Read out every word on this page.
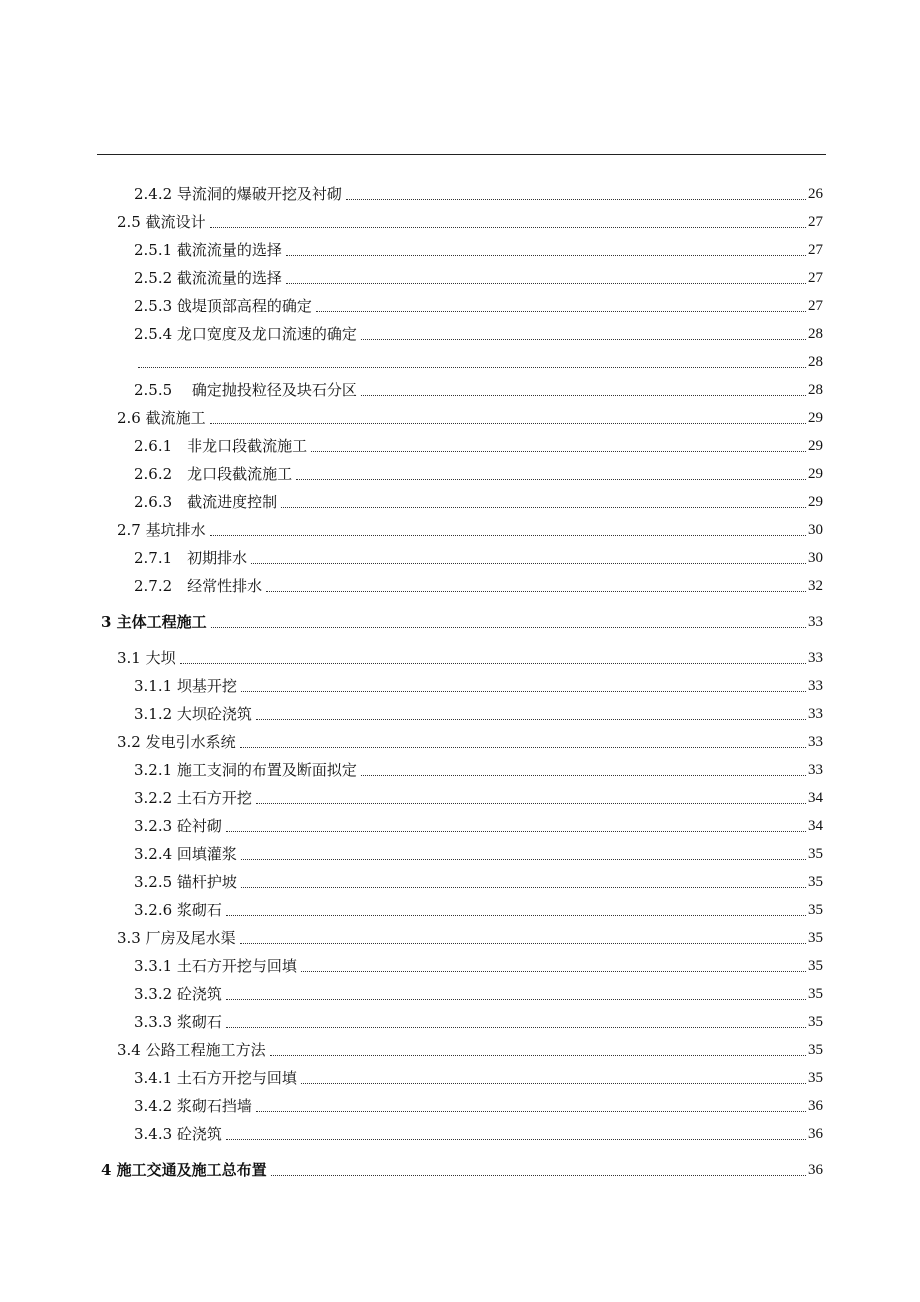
2.4.2 导流洞的爆破开挖及衬砌	26
2.5 截流设计	27
2.5.1 截流流量的选择	27
2.5.2 截流流量的选择	27
2.5.3 戗堤顶部高程的确定	27
2.5.4 龙口宽度及龙口流速的确定	28
28
2.5.5　 确定抛投粒径及块石分区	28
2.6 截流施工	29
2.6.1　非龙口段截流施工	29
2.6.2　龙口段截流施工	29
2.6.3　截流进度控制	29
2.7 基坑排水	30
2.7.1　初期排水	30
2.7.2　经常性排水	32
3 主体工程施工	33
3.1 大坝	33
3.1.1 坝基开挖	33
3.1.2 大坝砼浇筑	33
3.2 发电引水系统	33
3.2.1 施工支洞的布置及断面拟定	33
3.2.2 土石方开挖	34
3.2.3 砼衬砌	34
3.2.4 回填灌浆	35
3.2.5 锚杆护坡	35
3.2.6 浆砌石	35
3.3 厂房及尾水渠	35
3.3.1 土石方开挖与回填	35
3.3.2 砼浇筑	35
3.3.3 浆砌石	35
3.4 公路工程施工方法	35
3.4.1 土石方开挖与回填	35
3.4.2 浆砌石挡墙	36
3.4.3 砼浇筑	36
4 施工交通及施工总布置	36
